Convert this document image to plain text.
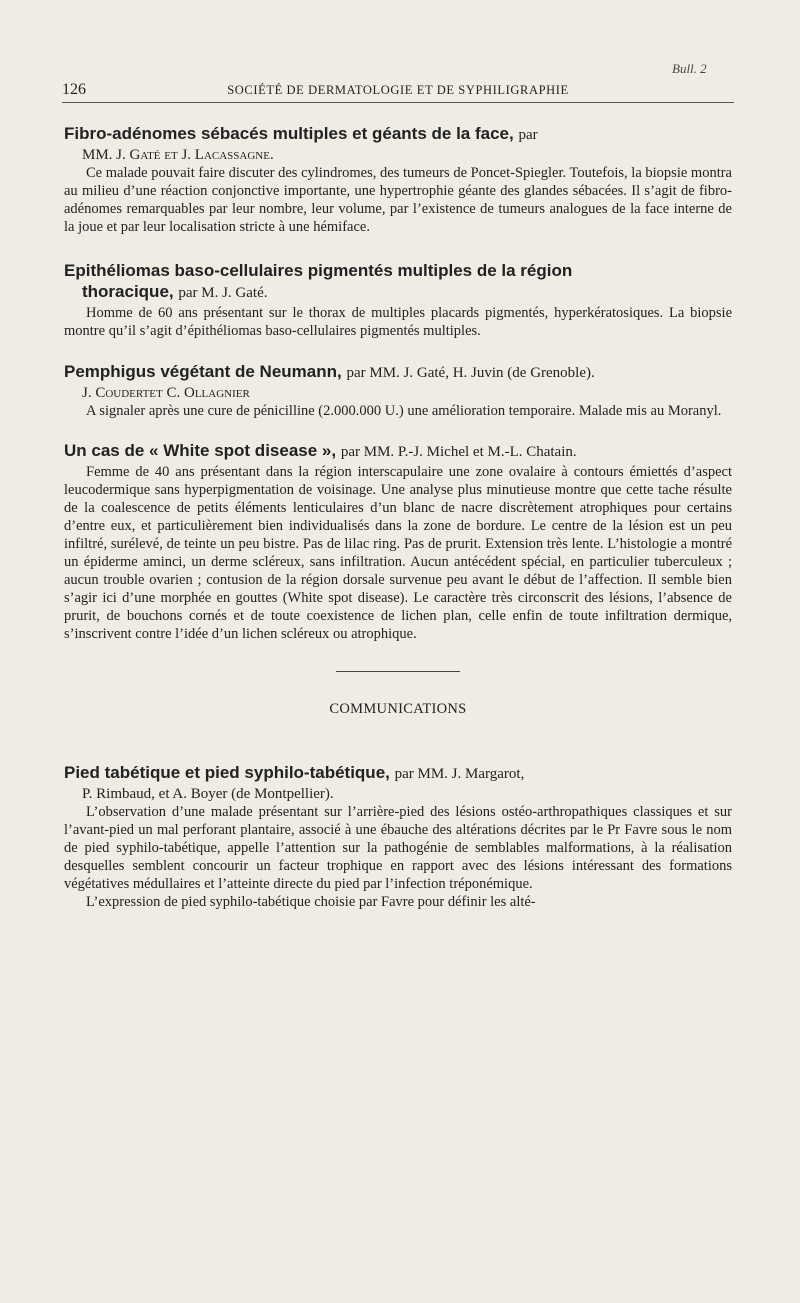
Bull. 2
126	SOCIÉTÉ DE DERMATOLOGIE ET DE SYPHILIGRAPHIE
Fibro-adénomes sébacés multiples et géants de la face, par
MM. J. Gaté et J. Lacassagne.

Ce malade pouvait faire discuter des cylindromes, des tumeurs de Poncet-Spiegler. Toutefois, la biopsie montra au milieu d’une réaction conjonctive importante, une hypertrophie géante des glandes sébacées. Il s’agit de fibro-adénomes remarquables par leur nombre, leur volume, par l’existence de tumeurs analogues de la face interne de la joue et par leur localisation stricte à une hémiface.

Epithéliomas baso-cellulaires pigmentés multiples de la région
thoracique, par M. J. Gaté.

Homme de 60 ans présentant sur le thorax de multiples placards pigmentés, hyperkératosiques. La biopsie montre qu’il s’agit d’épithéliomas baso-cellulaires pigmentés multiples.

Pemphigus végétant de Neumann, par MM. J. Gaté, H. Juvin (de Grenoble).
J. Coudertet C. Ollagnier

A signaler après une cure de pénicilline (2.000.000 U.) une amélioration temporaire. Malade mis au Moranyl.

Un cas de « White spot disease », par MM. P.-J. Michel et M.-L. Chatain.

Femme de 40 ans présentant dans la région interscapulaire une zone ovalaire à contours émiettés d’aspect leucodermique sans hyperpigmentation de voisinage. Une analyse plus minutieuse montre que cette tache résulte de la coalescence de petits éléments lenticulaires d’un blanc de nacre discrètement atrophiques pour certains d’entre eux, et particulièrement bien individualisés dans la zone de bordure. Le centre de la lésion est un peu infiltré, surélevé, de teinte un peu bistre. Pas de lilac ring. Pas de prurit. Extension très lente. L’histologie a montré un épiderme aminci, un derme scléreux, sans infiltration. Aucun antécédent spécial, en particulier tuberculeux ; aucun trouble ovarien ; contusion de la région dorsale survenue peu avant le début de l’affection. Il semble bien s’agir ici d’une morphée en gouttes (White spot disease). Le caractère très circonscrit des lésions, l’absence de prurit, de bouchons cornés et de toute coexistence de lichen plan, celle enfin de toute infiltration dermique, s’inscrivent contre l’idée d’un lichen scléreux ou atrophique.

COMMUNICATIONS
Pied tabétique et pied syphilo-tabétique, par MM. J. Margarot,
P. Rimbaud, et A. Boyer (de Montpellier).

L’observation d’une malade présentant sur l’arrière-pied des lésions ostéo-arthropathiques classiques et sur l’avant-pied un mal perforant plantaire, associé à une ébauche des altérations décrites par le Pr Favre sous le nom de pied syphilo-tabétique, appelle l’attention sur la pathogénie de semblables malformations, à la réalisation desquelles semblent concourir un facteur trophique en rapport avec des lésions intéressant des formations végétatives médullaires et l’atteinte directe du pied par l’infection tréponémique.

L’expression de pied syphilo-tabétique choisie par Favre pour définir les alté-
